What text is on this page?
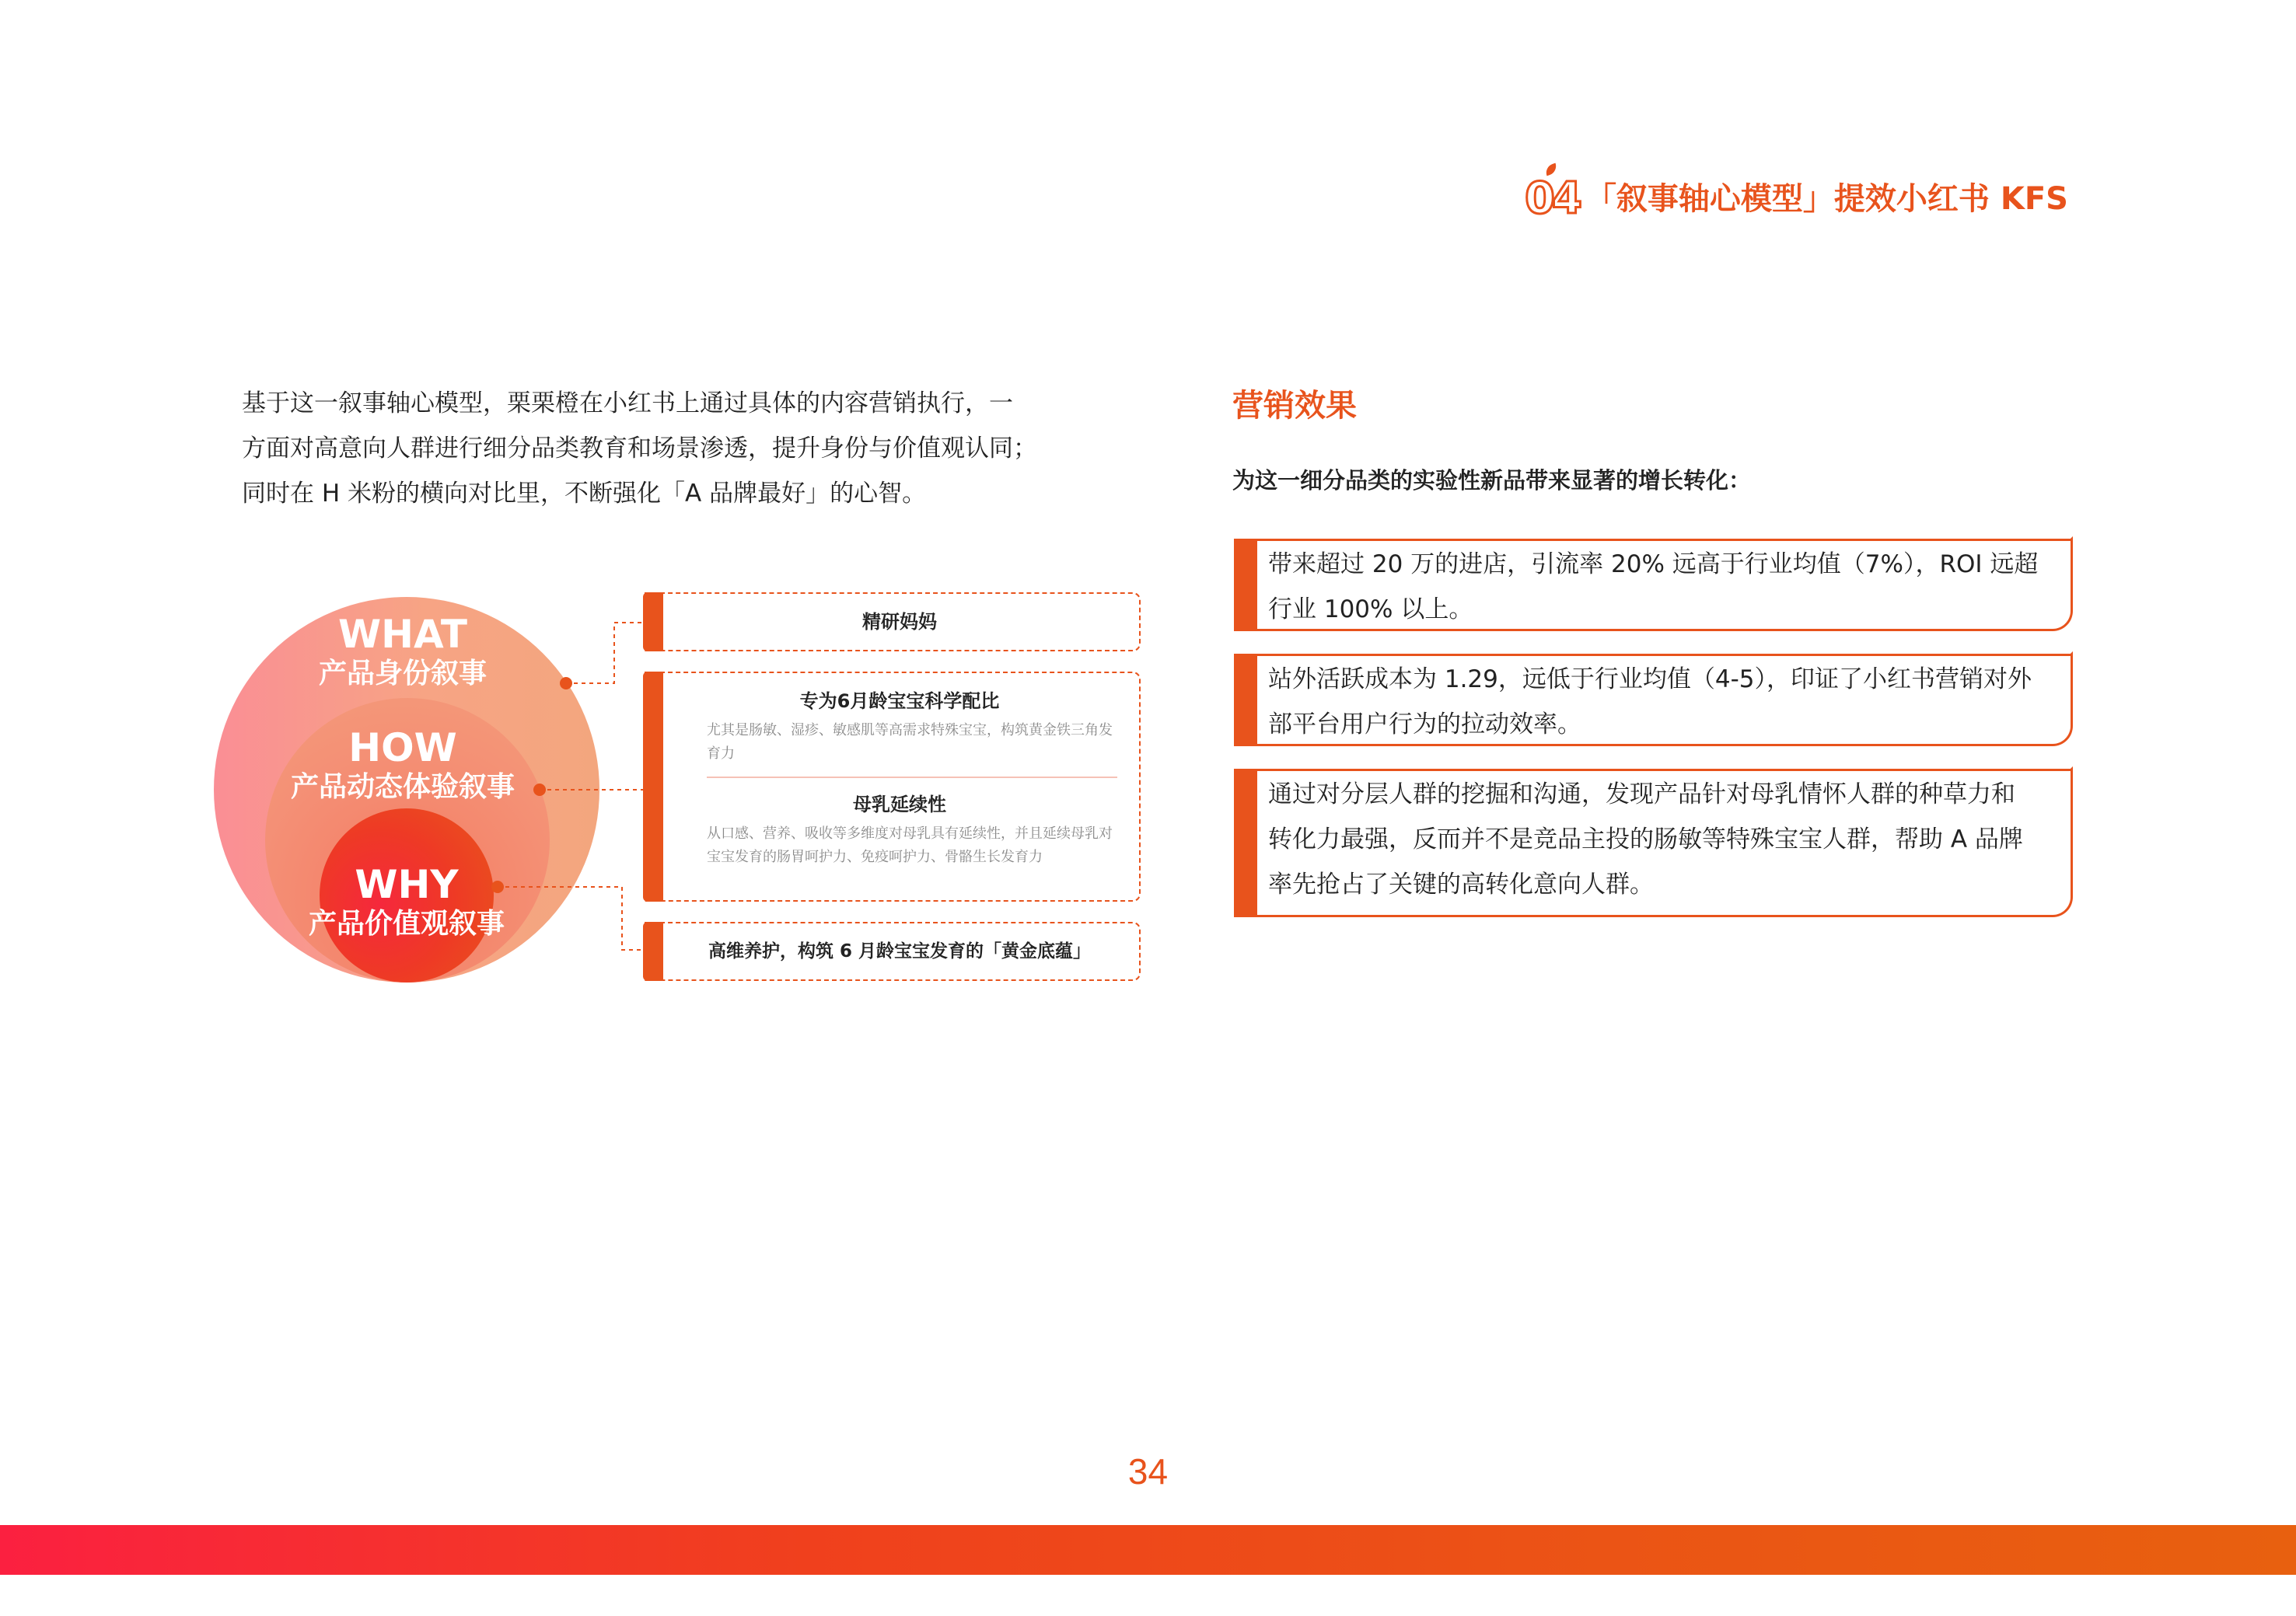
04 「叙事轴心模型」提效小红书 KFS

基于这一叙事轴心模型，栗栗橙在小红书上通过具体的内容营销执行，一

方面对高意向人群进行细分品类教育和场景渗透，提升身份与价值观认同；

同时在 H 米粉的横向对比里，不断强化「A 品牌最好」的心智。

WHAT
产品身份叙事
HOW
产品动态体验叙事
WHY
产品价值观叙事
精研妈妈
专为6月龄宝宝科学配比
尤其是肠敏、湿疹、敏感肌等高需求特殊宝宝，构筑黄金铁三角发育力
母乳延续性
从口感、营养、吸收等多维度对母乳具有延续性，并且延续母乳对宝宝发育的肠胃呵护力、免疫呵护力、骨骼生长发育力
高维养护，构筑 6 月龄宝宝发育的「黄金底蕴」
营销效果
为这一细分品类的实验性新品带来显著的增长转化：
带来超过 20 万的进店，引流率 20% 远高于行业均值（7%），ROI 远超
行业 100% 以上。
站外活跃成本为 1.29，远低于行业均值（4-5），印证了小红书营销对外
部平台用户行为的拉动效率。
通过对分层人群的挖掘和沟通，发现产品针对母乳情怀人群的种草力和
转化力最强，反而并不是竞品主投的肠敏等特殊宝宝人群，帮助 A 品牌
率先抢占了关键的高转化意向人群。
34
